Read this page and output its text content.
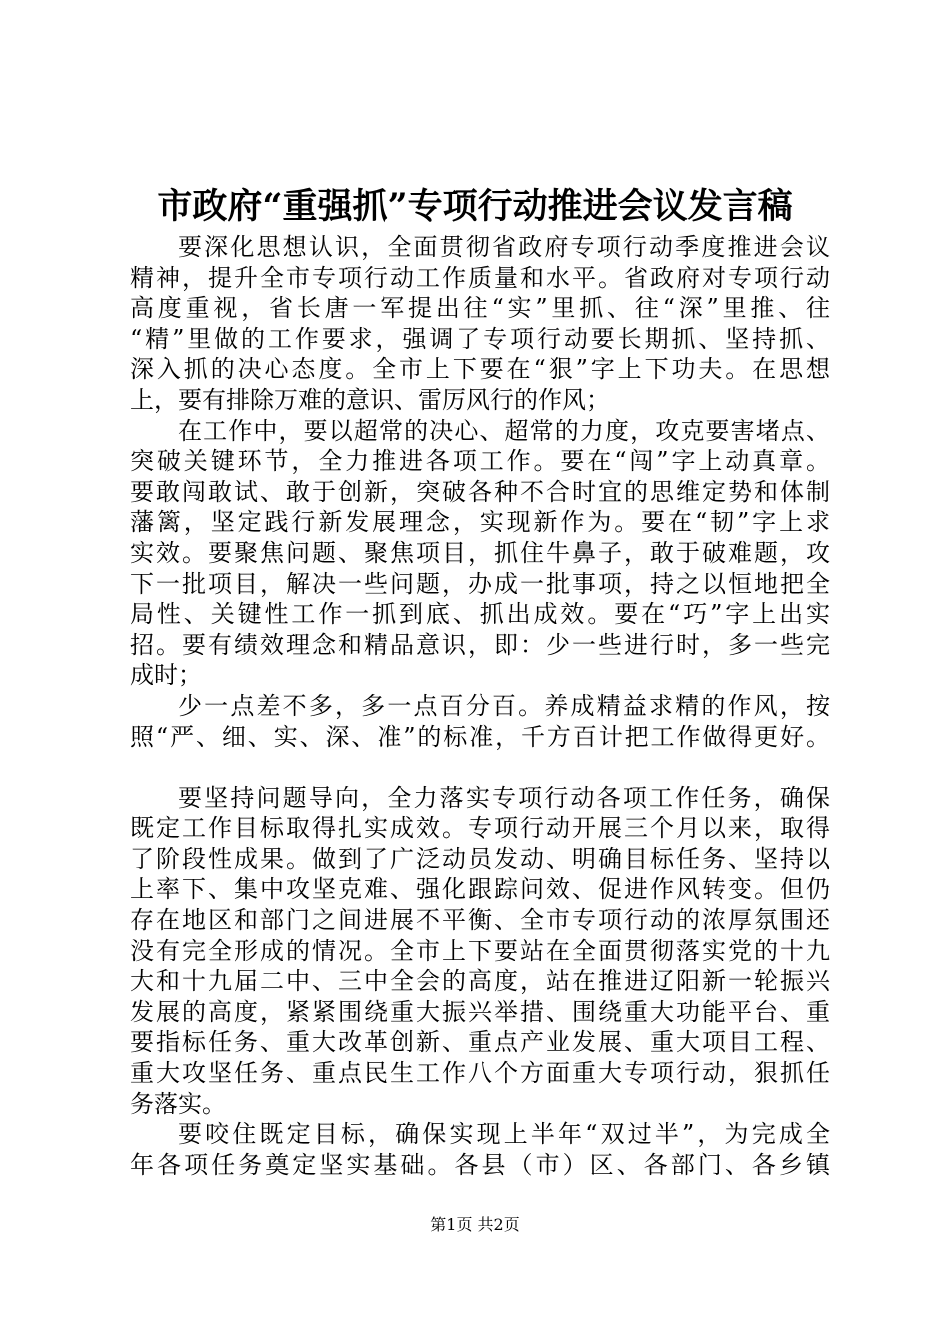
市政府“重强抓”专项行动推进会议发言稿
要深化思想认识，全面贯彻省政府专项行动季度推进会议
精神，提升全市专项行动工作质量和水平。省政府对专项行动
高度重视，省长唐一军提出往“实”里抓、往“深”里推、往
“精”里做的工作要求，强调了专项行动要长期抓、坚持抓、
深入抓的决心态度。全市上下要在“狠”字上下功夫。在思想
上，要有排除万难的意识、雷厉风行的作风；
在工作中，要以超常的决心、超常的力度，攻克要害堵点、
突破关键环节，全力推进各项工作。要在“闯”字上动真章。
要敢闯敢试、敢于创新，突破各种不合时宜的思维定势和体制
藩篱，坚定践行新发展理念，实现新作为。要在“韧”字上求
实效。要聚焦问题、聚焦项目，抓住牛鼻子，敢于破难题，攻
下一批项目，解决一些问题，办成一批事项，持之以恒地把全
局性、关键性工作一抓到底、抓出成效。要在“巧”字上出实
招。要有绩效理念和精品意识，即：少一些进行时，多一些完
成时；
少一点差不多，多一点百分百。养成精益求精的作风，按
照“严、细、实、深、准”的标准，千方百计把工作做得更好。
要坚持问题导向，全力落实专项行动各项工作任务，确保
既定工作目标取得扎实成效。专项行动开展三个月以来，取得
了阶段性成果。做到了广泛动员发动、明确目标任务、坚持以
上率下、集中攻坚克难、强化跟踪问效、促进作风转变。但仍
存在地区和部门之间进展不平衡、全市专项行动的浓厚氛围还
没有完全形成的情况。全市上下要站在全面贯彻落实党的十九
大和十九届二中、三中全会的高度，站在推进辽阳新一轮振兴
发展的高度，紧紧围绕重大振兴举措、围绕重大功能平台、重
要指标任务、重大改革创新、重点产业发展、重大项目工程、
重大攻坚任务、重点民生工作八个方面重大专项行动，狠抓任
务落实。
要咬住既定目标，确保实现上半年“双过半”，为完成全
年各项任务奠定坚实基础。各县（市）区、各部门、各乡镇
第1页 共2页
